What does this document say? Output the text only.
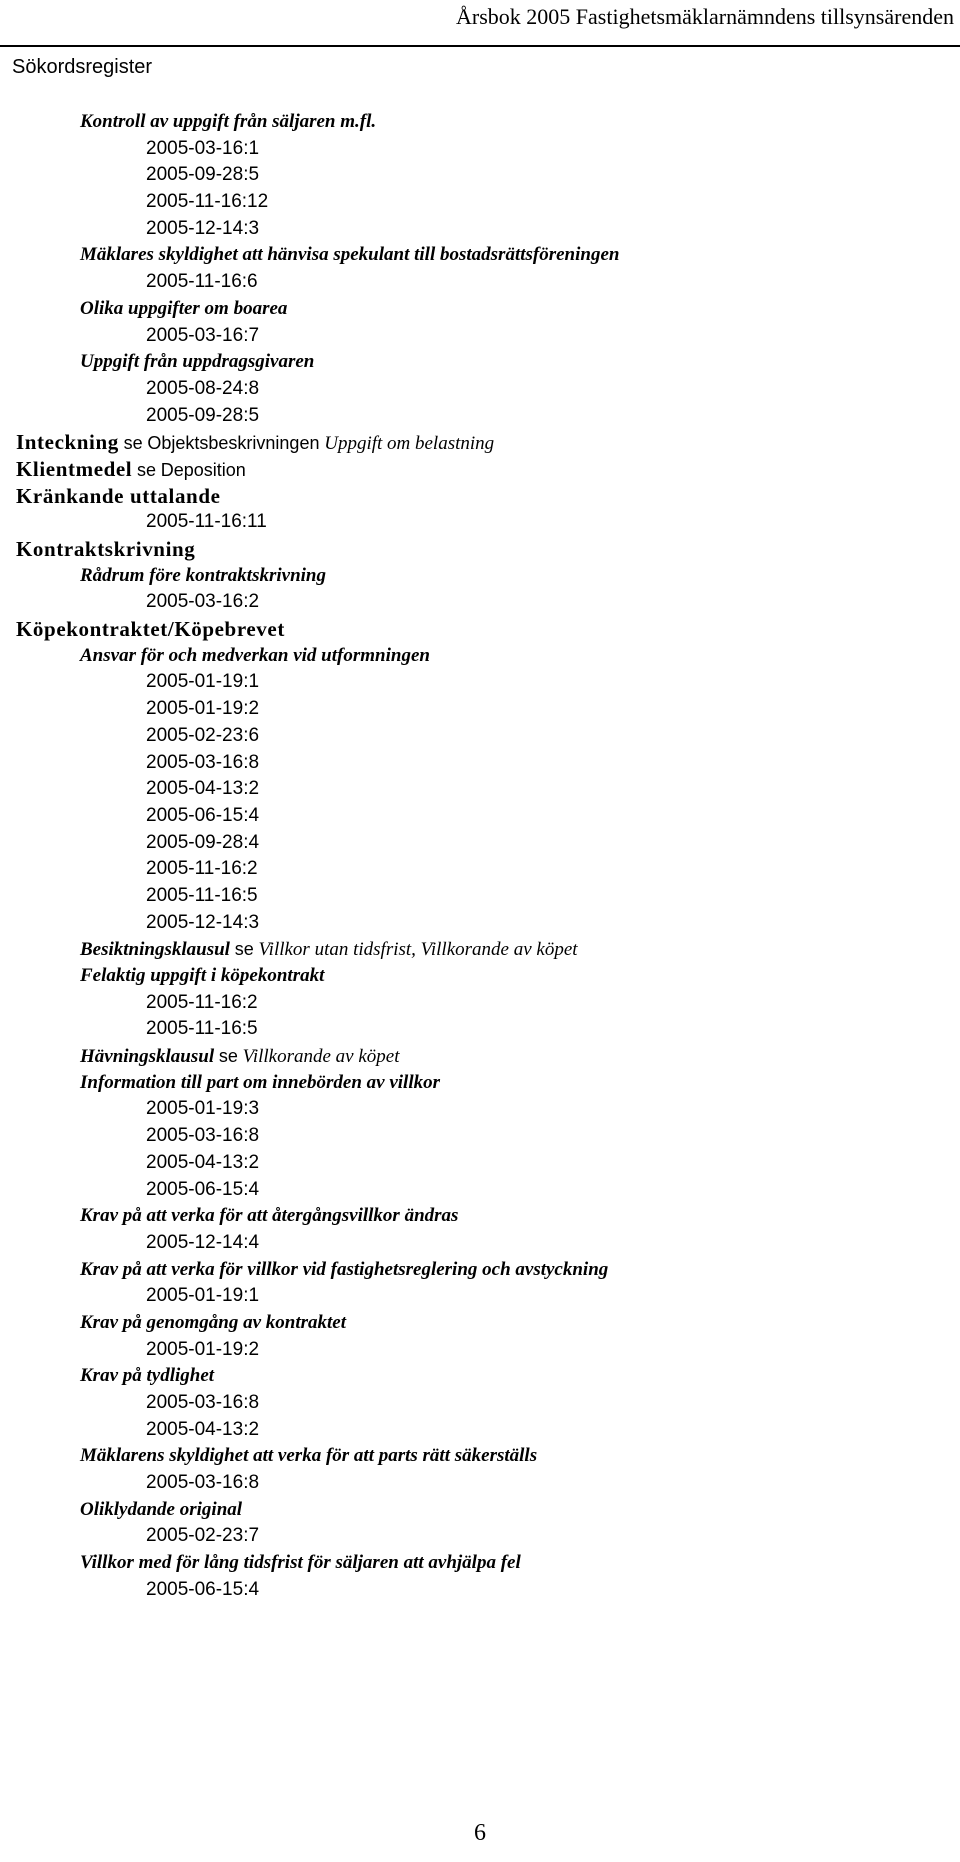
Årsbok 2005 Fastighetsmäklarnämndens tillsynsärenden
Sökordsregister
Kontroll av uppgift från säljaren m.fl.
2005-03-16:1
2005-09-28:5
2005-11-16:12
2005-12-14:3
Mäklares skyldighet att hänvisa spekulant till bostadsrättsföreningen
2005-11-16:6
Olika uppgifter om boarea
2005-03-16:7
Uppgift från uppdragsgivaren
2005-08-24:8
2005-09-28:5
Inteckning se Objektsbeskrivningen Uppgift om belastning
Klientmedel se Deposition
Kränkande uttalande
2005-11-16:11
Kontraktskrivning
Rådrum före kontraktskrivning
2005-03-16:2
Köpekontraktet/Köpebrevet
Ansvar för och medverkan vid utformningen
2005-01-19:1
2005-01-19:2
2005-02-23:6
2005-03-16:8
2005-04-13:2
2005-06-15:4
2005-09-28:4
2005-11-16:2
2005-11-16:5
2005-12-14:3
Besiktningsklausul se Villkor utan tidsfrist, Villkorande av köpet
Felaktig uppgift i köpekontrakt
2005-11-16:2
2005-11-16:5
Hävningsklausul se Villkorande av köpet
Information till part om innebörden av villkor
2005-01-19:3
2005-03-16:8
2005-04-13:2
2005-06-15:4
Krav på att verka för att återgångsvillkor ändras
2005-12-14:4
Krav på att verka för villkor vid fastighetsreglering och avstyckning
2005-01-19:1
Krav på genomgång av kontraktet
2005-01-19:2
Krav på tydlighet
2005-03-16:8
2005-04-13:2
Mäklarens skyldighet att verka för att parts rätt säkerställs
2005-03-16:8
Oliklydande original
2005-02-23:7
Villkor med för lång tidsfrist för säljaren att avhjälpa fel
2005-06-15:4
6
